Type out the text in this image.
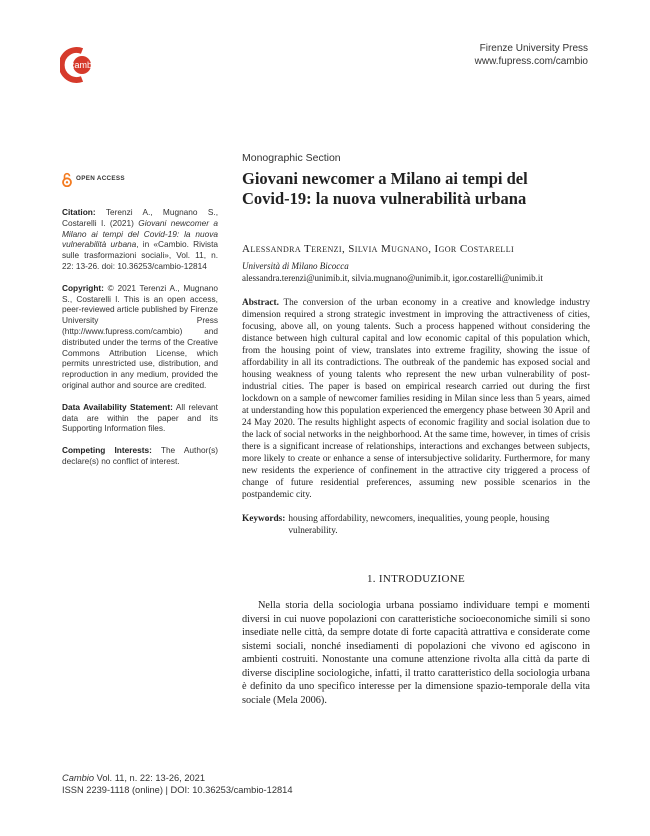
cambio
Firenze University Press
www.fupress.com/cambio
OPEN ACCESS

Citation: Terenzi A., Mugnano S., Costarelli I. (2021) Giovani newcomer a Milano ai tempi del Covid-19: la nuova vulnerabilità urbana, in «Cambio. Rivista sulle trasformazioni sociali», Vol. 11, n. 22: 13-26. doi: 10.36253/cambio-12814

Copyright: © 2021 Terenzi A., Mugnano S., Costarelli I. This is an open access, peer-reviewed article published by Firenze University Press (http://www.fupress.com/cambio) and distributed under the terms of the Creative Commons Attribution License, which permits unrestricted use, distribution, and reproduction in any medium, provided the original author and source are credited.

Data Availability Statement: All relevant data are within the paper and its Supporting Information files.

Competing Interests: The Author(s) declare(s) no conflict of interest.

Monographic Section
Giovani newcomer a Milano ai tempi del
Covid-19: la nuova vulnerabilità urbana
Alessandra Terenzi, Silvia Mugnano, Igor Costarelli
Università di Milano Bicocca
alessandra.terenzi@unimib.it, silvia.mugnano@unimib.it, igor.costarelli@unimib.it
Abstract. The conversion of the urban economy in a creative and knowledge industry dimension required a strong strategic investment in improving the attractiveness of cities, focusing, above all, on young talents. Such a process happened without considering the distance between high cultural capital and low economic capital of this population which, from the housing point of view, translates into extreme fragility, showing the issue of affordability in all its contradictions. The outbreak of the pandemic has exposed social and housing weakness of young talents who represent the new urban vulnerability of post-industrial cities. The paper is based on empirical research carried out during the first lockdown on a sample of newcomer families residing in Milan since less than 5 years, aimed at understanding how this population experienced the emergency phase between 30 April and 24 May 2020. The results highlight aspects of economic fragility and social isolation due to the lack of social networks in the neighborhood. At the same time, however, in times of crisis there is a significant increase of relationships, interactions and exchanges between subjects, more likely to create or enhance a sense of intersubjective solidarity. Furthermore, for many new residents the experience of confinement in the attractive city triggered a process of change of future residential preferences, assuming new possible scenarios in the postpandemic city.
Keywords: housing affordability, newcomers, inequalities, young people, housing vulnerability.
1. INTRODUZIONE
Nella storia della sociologia urbana possiamo individuare tempi e momenti diversi in cui nuove popolazioni con caratteristiche socioeconomiche simili si sono insediate nelle città, da sempre dotate di forte capacità attrattiva e considerate come sistemi sociali, nonché insediamenti di popolazioni che vivono ed agiscono in ambienti costruiti. Nonostante una comune attenzione rivolta alla città da parte di diverse discipline sociologiche, infatti, il tratto caratteristico della sociologia urbana è definito da uno specifico interesse per la dimensione spazio-temporale della vita sociale (Mela 2006).
Cambio Vol. 11, n. 22: 13-26, 2021
ISSN 2239-1118 (online) | DOI: 10.36253/cambio-12814
